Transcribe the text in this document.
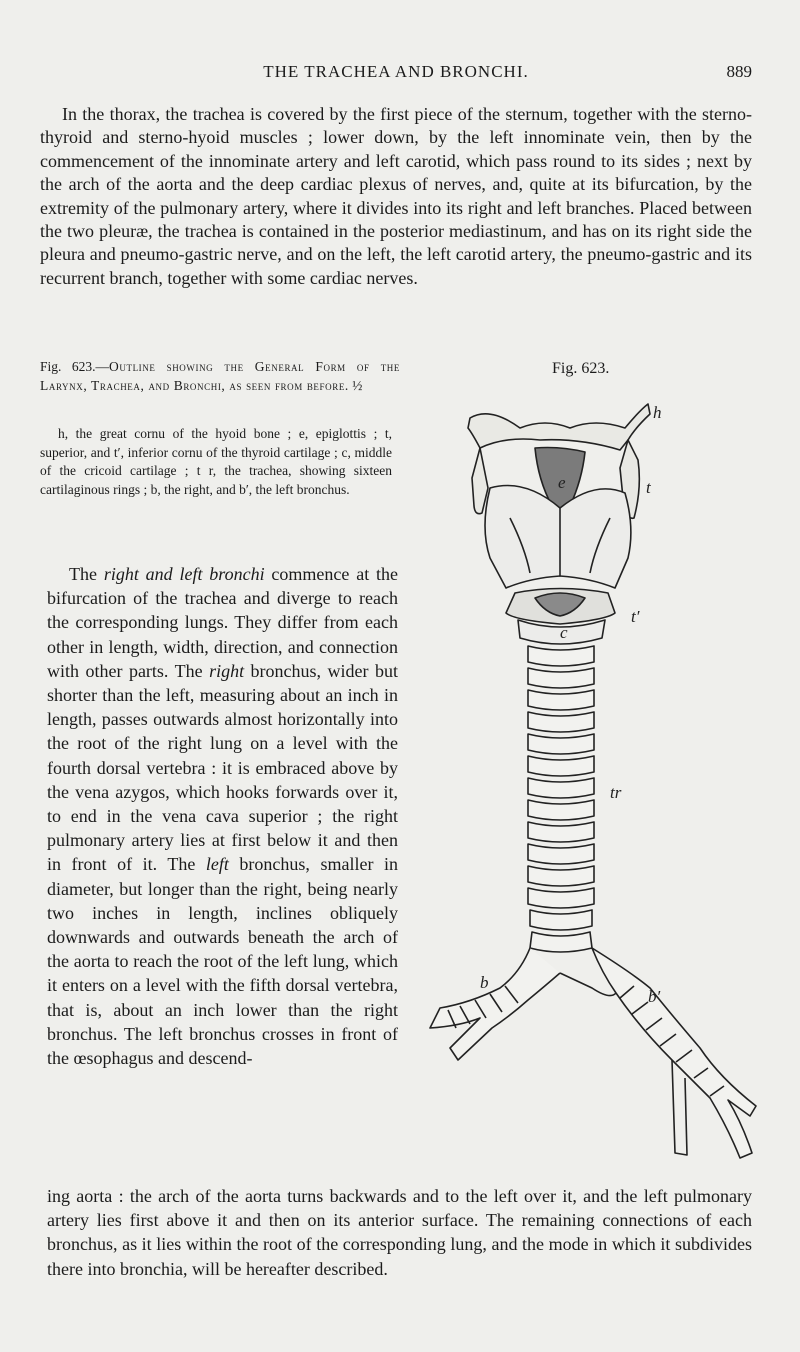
THE TRACHEA AND BRONCHI.	889

In the thorax, the trachea is covered by the first piece of the sternum, together with the sterno-thyroid and sterno-hyoid muscles ; lower down, by the left innominate vein, then by the commencement of the innominate artery and left carotid, which pass round to its sides ; next by the arch of the aorta and the deep cardiac plexus of nerves, and, quite at its bifurcation, by the extremity of the pulmonary artery, where it divides into its right and left branches. Placed between the two pleuræ, the trachea is contained in the posterior mediastinum, and has on its right side the pleura and pneumo-gastric nerve, and on the left, the left carotid artery, the pneumo-gastric and its recurrent branch, together with some cardiac nerves.

Fig. 623.—Outline showing the General Form of the Larynx, Trachea, and Bronchi, as seen from before. ½
h, the great cornu of the hyoid bone ; e, epiglottis ; t, superior, and t′, inferior cornu of the thyroid cartilage ; c, middle of the cricoid cartilage ; t r, the trachea, showing sixteen cartilaginous rings ; b, the right, and b′, the left bronchus.

The right and left bronchi commence at the bifurcation of the trachea and diverge to reach the corresponding lungs. They differ from each other in length, width, direction, and connection with other parts. The right bronchus, wider but shorter than the left, measuring about an inch in length, passes outwards almost horizontally into the root of the right lung on a level with the fourth dorsal vertebra : it is embraced above by the vena azygos, which hooks forwards over it, to end in the vena cava superior ; the right pulmonary artery lies at first below it and then in front of it. The left bronchus, smaller in diameter, but longer than the right, being nearly two inches in length, inclines obliquely downwards and outwards beneath the arch of the aorta to reach the root of the left lung, which it enters on a level with the fifth dorsal vertebra, that is, about an inch lower than the right bronchus. The left bronchus crosses in front of the œsophagus and descend-

ing aorta : the arch of the aorta turns backwards and to the left over it, and the left pulmonary artery lies first above it and then on its anterior surface. The remaining connections of each bronchus, as it lies within the root of the corresponding lung, and the mode in which it subdivides there into bronchia, will be hereafter described.

Fig. 623.
h
e	t
t′
c
tr
b
b′
